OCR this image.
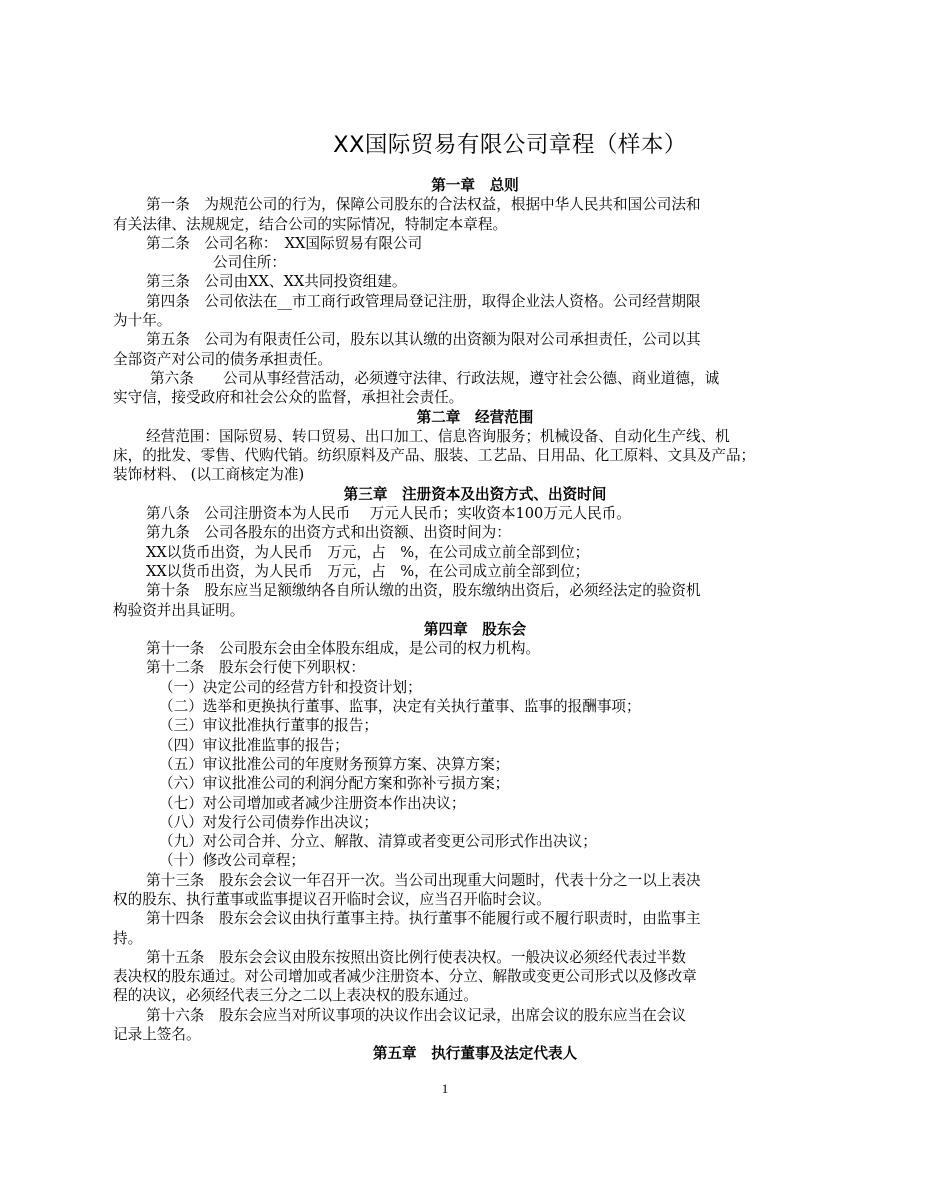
XX国际贸易有限公司章程（样本）

第一章　总则

第一条　为规范公司的行为，保障公司股东的合法权益，根据中华人民共和国公司法和

有关法律、法规规定，结合公司的实际情况，特制定本章程。

第二条　公司名称：　XX国际贸易有限公司

公司住所：

第三条　公司由XX、XX共同投资组建。

第四条　公司依法在__市工商行政管理局登记注册，取得企业法人资格。公司经营期限

为十年。

第五条　公司为有限责任公司，股东以其认缴的出资额为限对公司承担责任，公司以其

全部资产对公司的债务承担责任。

第六条　　公司从事经营活动，必须遵守法律、行政法规，遵守社会公德、商业道德，诚

实守信，接受政府和社会公众的监督，承担社会责任。

第二章　经营范围

经营范围：国际贸易、转口贸易、出口加工、信息咨询服务；机械设备、自动化生产线、机

床，的批发、零售、代购代销。纺织原料及产品、服装、工艺品、日用品、化工原料、文具及产品；

装饰材料、 (以工商核定为准)

第三章　注册资本及出资方式、出资时间

第八条　公司注册资本为人民币　 万元人民币；实收资本100万元人民币。

第九条　公司各股东的出资方式和出资额、出资时间为：

XX以货币出资，为人民币　万元，占　%，在公司成立前全部到位；

XX以货币出资，为人民币　万元，占　%，在公司成立前全部到位；

第十条　股东应当足额缴纳各自所认缴的出资，股东缴纳出资后，必须经法定的验资机

构验资并出具证明。

第四章　股东会

第十一条　公司股东会由全体股东组成，是公司的权力机构。

第十二条　股东会行使下列职权：

（一）决定公司的经营方针和投资计划；

（二）选举和更换执行董事、监事，决定有关执行董事、监事的报酬事项；

（三）审议批准执行董事的报告；

（四）审议批准监事的报告；

（五）审议批准公司的年度财务预算方案、决算方案；

（六）审议批准公司的利润分配方案和弥补亏损方案；

（七）对公司增加或者减少注册资本作出决议；

（八）对发行公司债券作出决议；

（九）对公司合并、分立、解散、清算或者变更公司形式作出决议；

（十）修改公司章程；

第十三条　股东会会议一年召开一次。当公司出现重大问题时，代表十分之一以上表决

权的股东、执行董事或监事提议召开临时会议，应当召开临时会议。

第十四条　股东会会议由执行董事主持。执行董事不能履行或不履行职责时，由监事主

持。

第十五条　股东会会议由股东按照出资比例行使表决权。一般决议必须经代表过半数

表决权的股东通过。对公司增加或者减少注册资本、分立、解散或变更公司形式以及修改章

程的决议，必须经代表三分之二以上表决权的股东通过。

第十六条　股东会应当对所议事项的决议作出会议记录，出席会议的股东应当在会议

记录上签名。

第五章　执行董事及法定代表人

1
